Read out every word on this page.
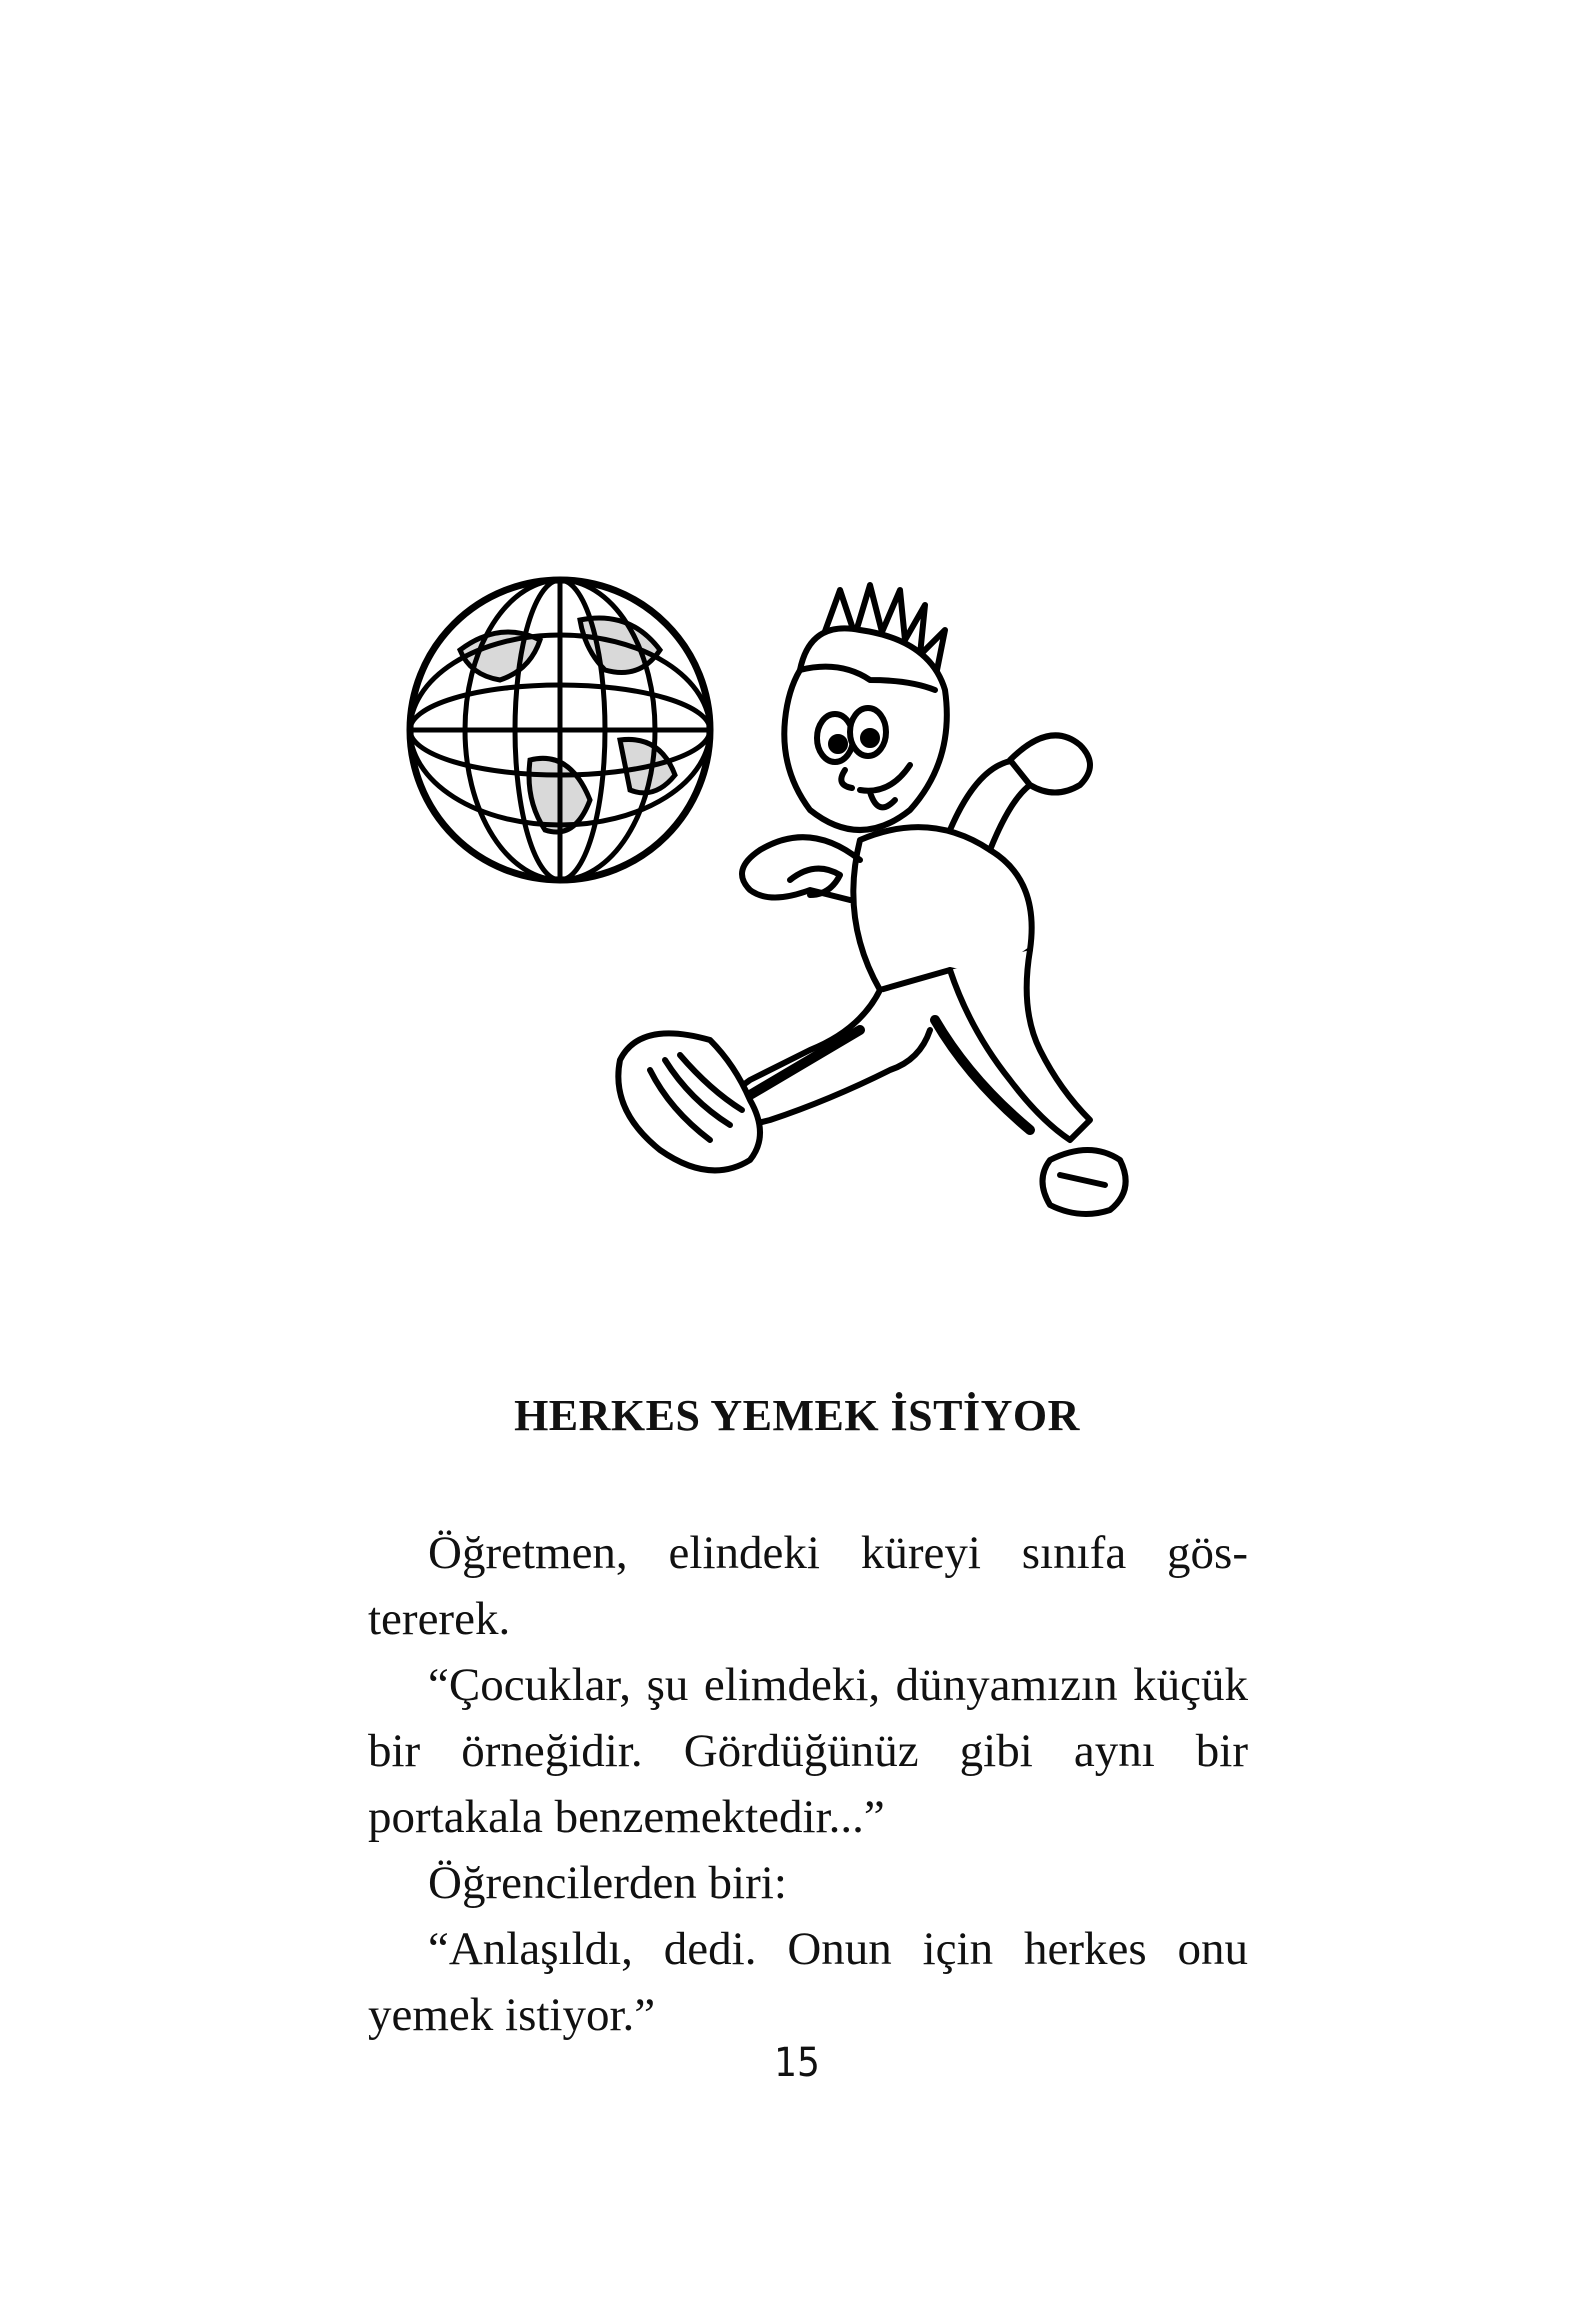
HERKES YEMEK İSTİYOR

Öğretmen, elindeki küreyi sınıfa gös-tererek.

“Çocuklar, şu elimdeki, dünyamızın küçük bir örneğidir. Gördüğünüz gibi aynı bir portakala benzemektedir...”

Öğrencilerden biri:

“Anlaşıldı, dedi. Onun için herkes onu yemek istiyor.”

15
